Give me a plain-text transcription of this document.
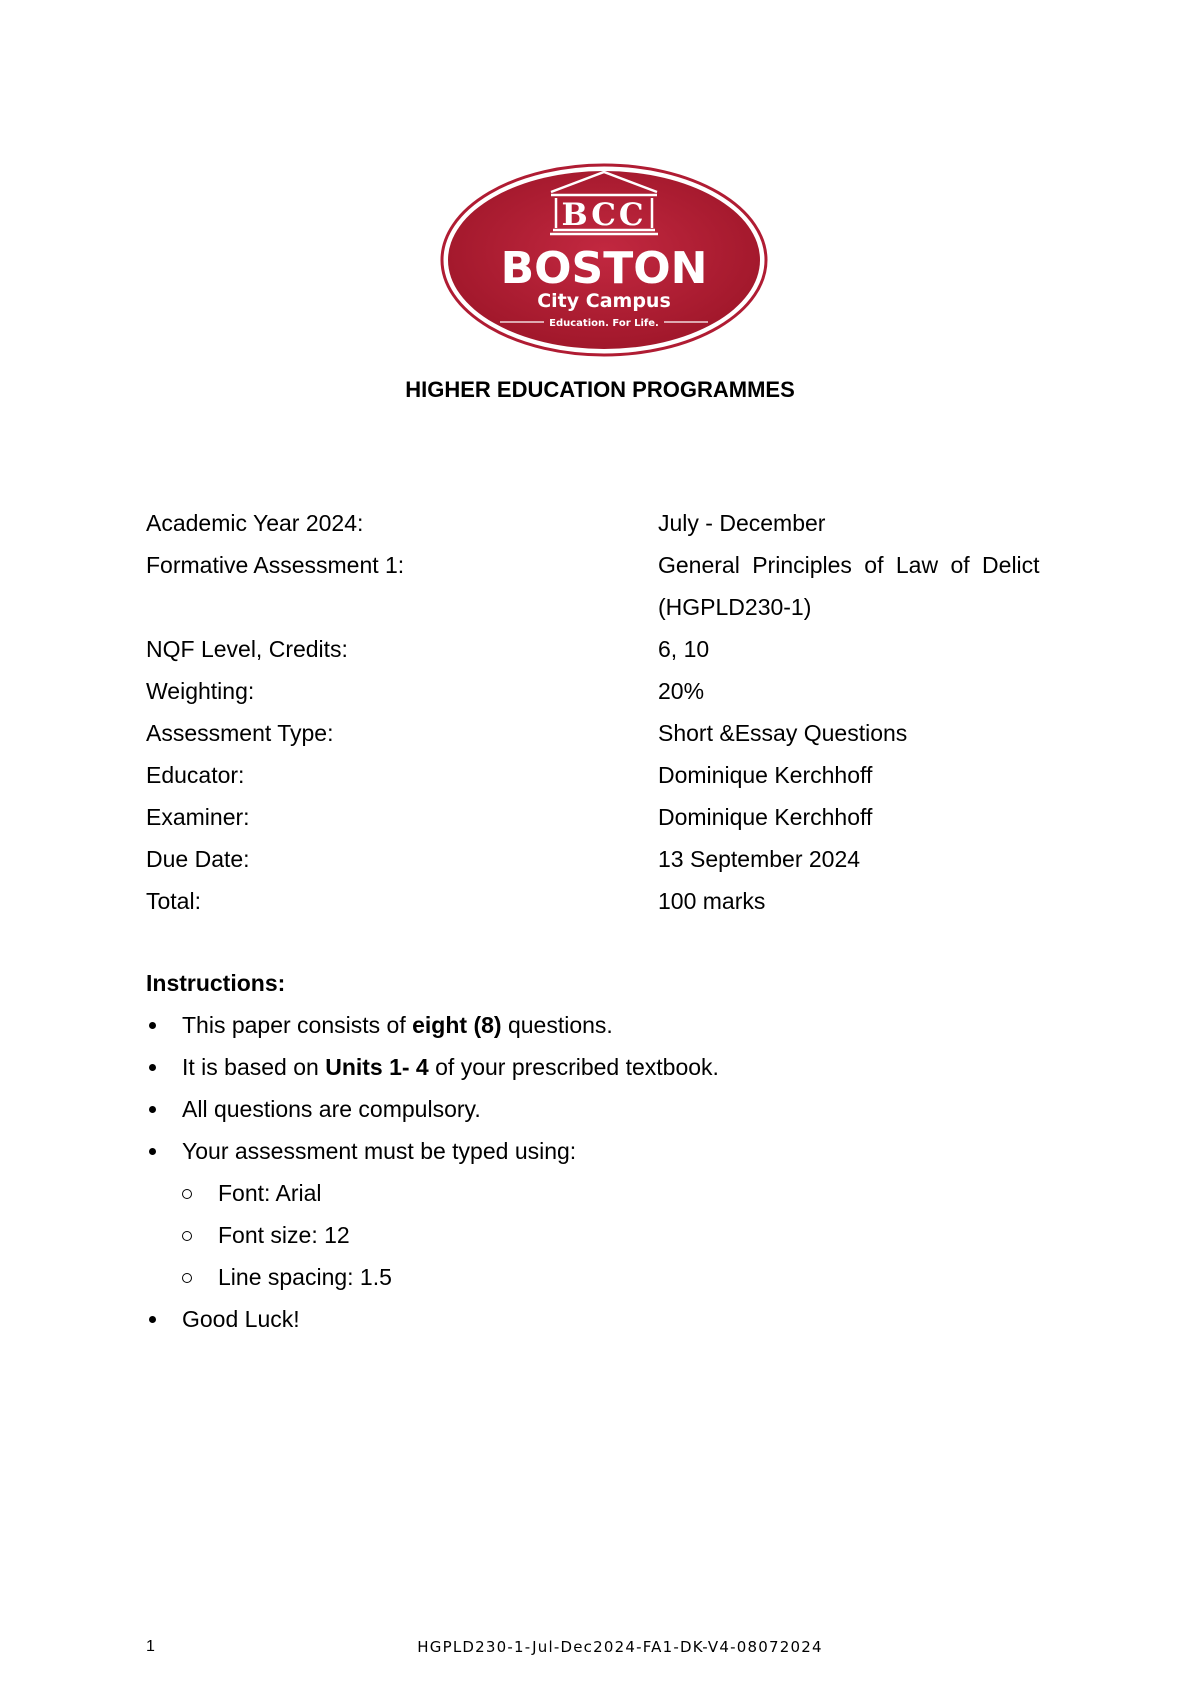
BCC
BOSTON
City Campus
Education. For Life.
HIGHER EDUCATION PROGRAMMES
Academic Year 2024:	July - December
Formative Assessment 1:	General Principles of Law of Delict
(HGPLD230-1)
NQF Level, Credits:	6, 10
Weighting:	20%
Assessment Type:	Short &Essay Questions
Educator:	Dominique Kerchhoff
Examiner:	Dominique Kerchhoff
Due Date:	13 September 2024
Total:	100 marks
Instructions:
This paper consists of eight (8) questions.
It is based on Units 1- 4 of your prescribed textbook.
All questions are compulsory.
Your assessment must be typed using:
Font: Arial
Font size: 12
Line spacing: 1.5
Good Luck!
1	HGPLD230-1-Jul-Dec2024-FA1-DK-V4-08072024
